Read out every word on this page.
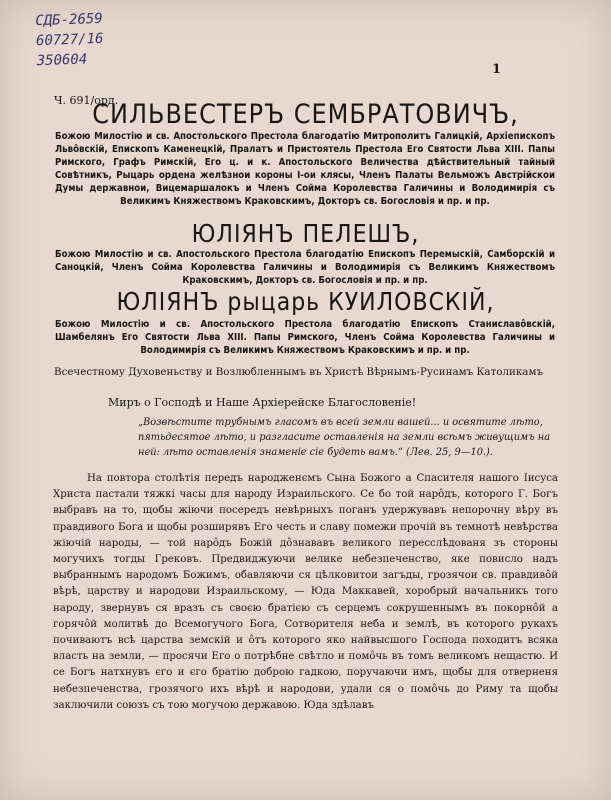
СДБ-2659
60727/16
350604
1
Ч. 691/орд.
СИЛЬВЕСТЕРЪ СЕМБРАТОВИЧЪ,
Божою Милостію и св. Апостольского Престола благодатію Митрополитъ Галицкій, Архіепископъ Львôвскій, Епископъ Каменецкій, Пралатъ и Пристоятель Престола Его Святости Льва XIII. Папы Римского, Графъ Римскій, Его ц. и к. Апостольского Величества дѣйствительный тайный Совѣтникъ, Рыцарь ордена желѣзнои короны I-ои клясы, Членъ Палаты Вельможъ Австрійскои Думы державнои, Вицемаршалокъ и Членъ Сойма Королевства Галичины и Володимирія съ Великимъ Княжествомъ Краковскимъ, Докторъ св. Богословія и пр. и пр.
ЮЛІЯНЪ ПЕЛЕШЪ,
Божою Милостію и св. Апостольского Престола благодатію Епископъ Перемыскій, Самборскій и Саноцкій, Членъ Сойма Королевства Галичины и Володимирія съ Великимъ Княжествомъ Краковскимъ, Докторъ св. Богословія и пр. и пр.
ЮЛІЯНЪ рыцарь КУИЛОВСКІЙ,
Божою Милостію и св. Апостольского Престола благодатію Епископъ Станиславôвскій, Шамбелянъ Его Святости Льва XIII. Папы Римского, Членъ Сойма Королевства Галичины и Володимирія съ Великимъ Княжествомъ Краковскимъ и пр. и пр.
Всечестному Духовеньству и Возлюбленнымъ въ Христѣ Вѣрнымъ-Русинамъ Католикамъ
Миръ о Господѣ и Наше Архіерейске Благословеніе!
„Возвѣстите трубнымъ гласомъ въ всей земли вашей... и освятите лѣто, пятьдесятое лѣто, и разгласите оставленія на земли всѣмъ живущимъ на ней: лѣто оставленія знаменіе сіе будеть вамъ.“ (Лев. 25, 9—10.).
На повтора столѣтія передъ народженємъ Сына Божого а Спасителя нашого Іисуса Христа пастали тяжкі часы для народу Израильского. Се бо той нарôдъ, которого Г. Богъ выбравъ на то, щобы жіючи посередъ невѣрныхъ поганъ удержувавъ непорочну вѣру въ правдивого Бога и щобы розширявъ Его честь и славу помежи прочій въ темнотѣ невѣрства жіючій народы, — той нарôдъ Божій дôзнававъ великого пересслѣдованя зъ стороны могучихъ тогды Грековъ. Предвиджуючи велике небезпеченство, яке повисло надъ выбраннымъ народомъ Божимъ, обавляючи ся цѣлковитои загъды, грозячои св. правдивôй вѣрѣ, царству и народови Израильскому, — Юда Маккавей, хоробрый начальникъ того народу, звернувъ ся вразъ съ своєю братією съ серцемъ сокрушеннымъ въ покорнôй а горячôй молитвѣ до Всемогучого Бога, Сотворителя неба и землѣ, въ которого рукахъ почиваютъ всѣ царства земскій и ôтъ которого яко найвысшого Господа походитъ всяка власть на земли, — просячи Его о потрѣбне свѣтло и помôчь въ томъ великомъ нещастю. И се Богъ натхнувъ єго и єго братію доброю гадкою, поручаючи имъ, щобы для отверненя небезпеченства, грозячого ихъ вѣрѣ и народови, удали ся о помôчь до Риму та щобы заключили союзъ съ тою могучою державою. Юда здѣлавъ
